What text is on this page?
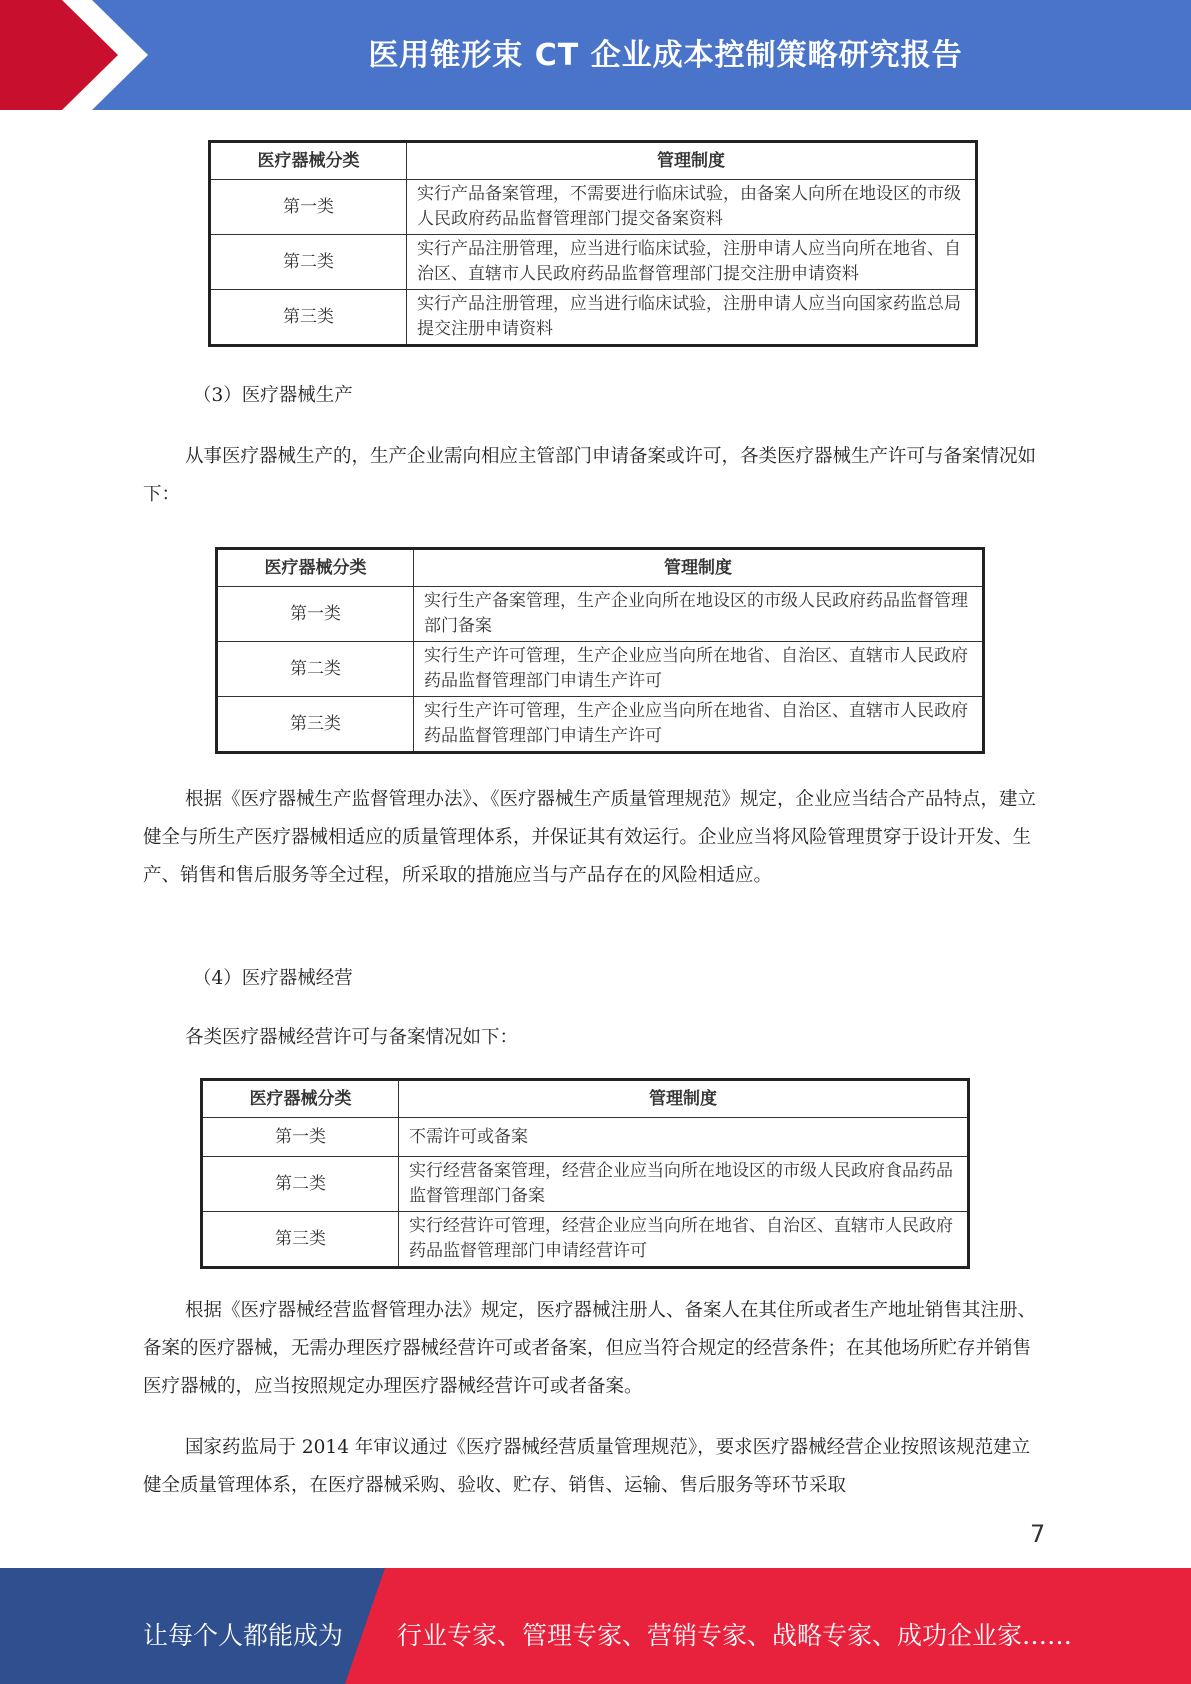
医用锥形束 CT 企业成本控制策略研究报告
医疗器械分类	管理制度
第一类	实行产品备案管理，不需要进行临床试验，由备案人向所在地设区的市级人民政府药品监督管理部门提交备案资料
第二类	实行产品注册管理，应当进行临床试验，注册申请人应当向所在地省、自治区、直辖市人民政府药品监督管理部门提交注册申请资料
第三类	实行产品注册管理，应当进行临床试验，注册申请人应当向国家药监总局提交注册申请资料
（3）医疗器械生产
从事医疗器械生产的，生产企业需向相应主管部门申请备案或许可，各类医疗器械生产许可与备案情况如下：
医疗器械分类	管理制度
第一类	实行生产备案管理，生产企业向所在地设区的市级人民政府药品监督管理部门备案
第二类	实行生产许可管理，生产企业应当向所在地省、自治区、直辖市人民政府药品监督管理部门申请生产许可
第三类	实行生产许可管理，生产企业应当向所在地省、自治区、直辖市人民政府药品监督管理部门申请生产许可
根据《医疗器械生产监督管理办法》、《医疗器械生产质量管理规范》规定，企业应当结合产品特点，建立健全与所生产医疗器械相适应的质量管理体系，并保证其有效运行。企业应当将风险管理贯穿于设计开发、生产、销售和售后服务等全过程，所采取的措施应当与产品存在的风险相适应。
（4）医疗器械经营
各类医疗器械经营许可与备案情况如下：
医疗器械分类	管理制度
第一类	不需许可或备案
第二类	实行经营备案管理，经营企业应当向所在地设区的市级人民政府食品药品监督管理部门备案
第三类	实行经营许可管理，经营企业应当向所在地省、自治区、直辖市人民政府药品监督管理部门申请经营许可
根据《医疗器械经营监督管理办法》规定，医疗器械注册人、备案人在其住所或者生产地址销售其注册、备案的医疗器械，无需办理医疗器械经营许可或者备案，但应当符合规定的经营条件；在其他场所贮存并销售医疗器械的，应当按照规定办理医疗器械经营许可或者备案。
国家药监局于 2014 年审议通过《医疗器械经营质量管理规范》，要求医疗器械经营企业按照该规范建立健全质量管理体系，在医疗器械采购、验收、贮存、销售、运输、售后服务等环节采取
7
让每个人都能成为 行业专家、管理专家、营销专家、战略专家、成功企业家……
